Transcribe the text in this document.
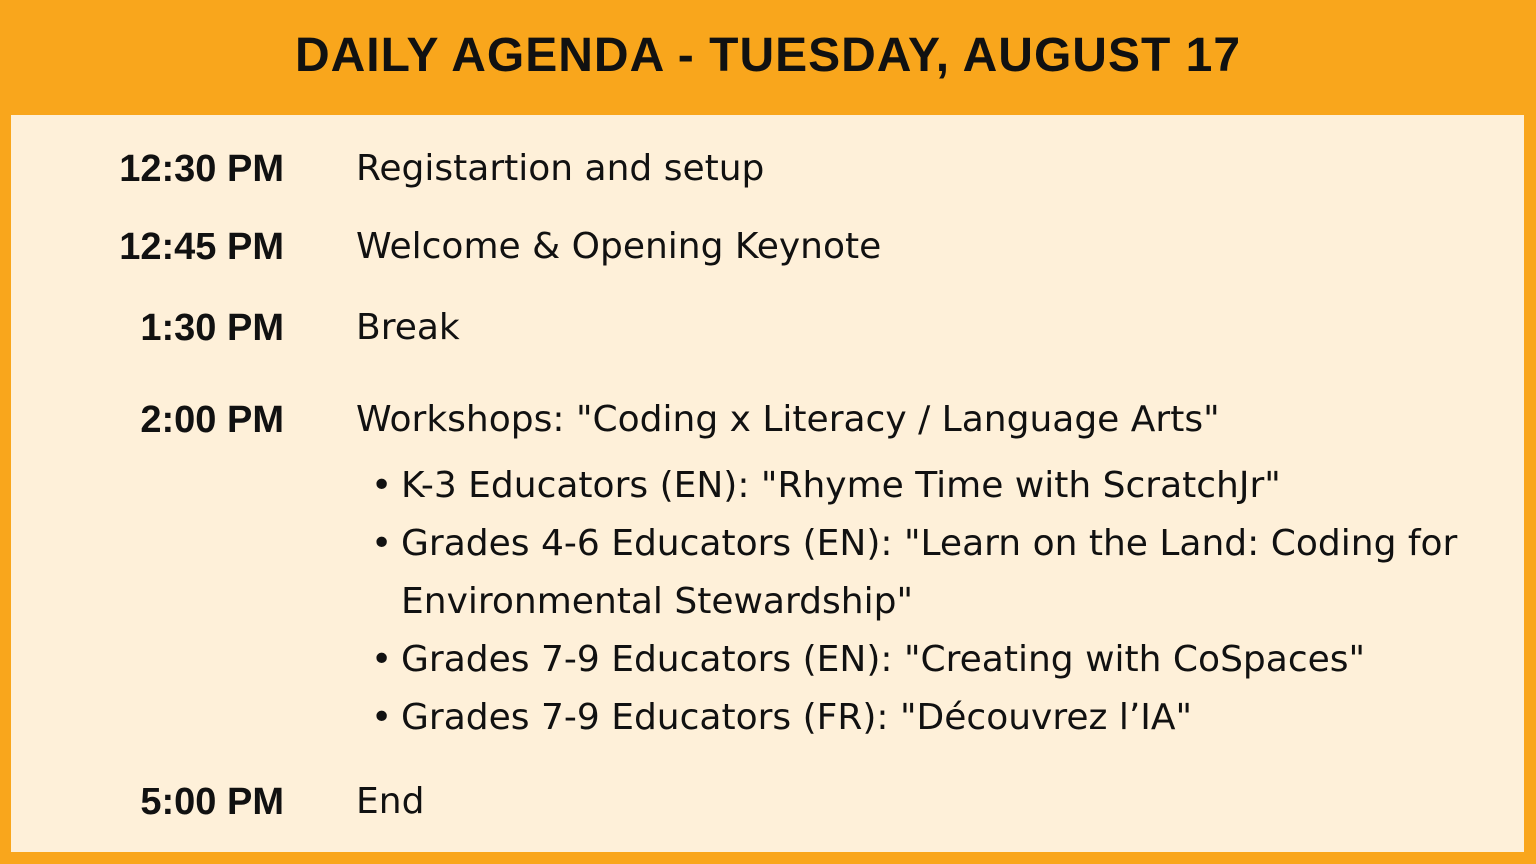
DAILY AGENDA - TUESDAY, AUGUST 17
12:30 PM Registartion and setup
12:45 PM Welcome & Opening Keynote
1:30 PM Break
2:00 PM Workshops: "Coding x Literacy / Language Arts"
• K-3 Educators (EN): "Rhyme Time with ScratchJr"
• Grades 4-6 Educators (EN): "Learn on the Land: Coding for Environmental Stewardship"
• Grades 7-9 Educators (EN): "Creating with CoSpaces"
• Grades 7-9 Educators (FR): "Découvrez l’IA"
5:00 PM End
